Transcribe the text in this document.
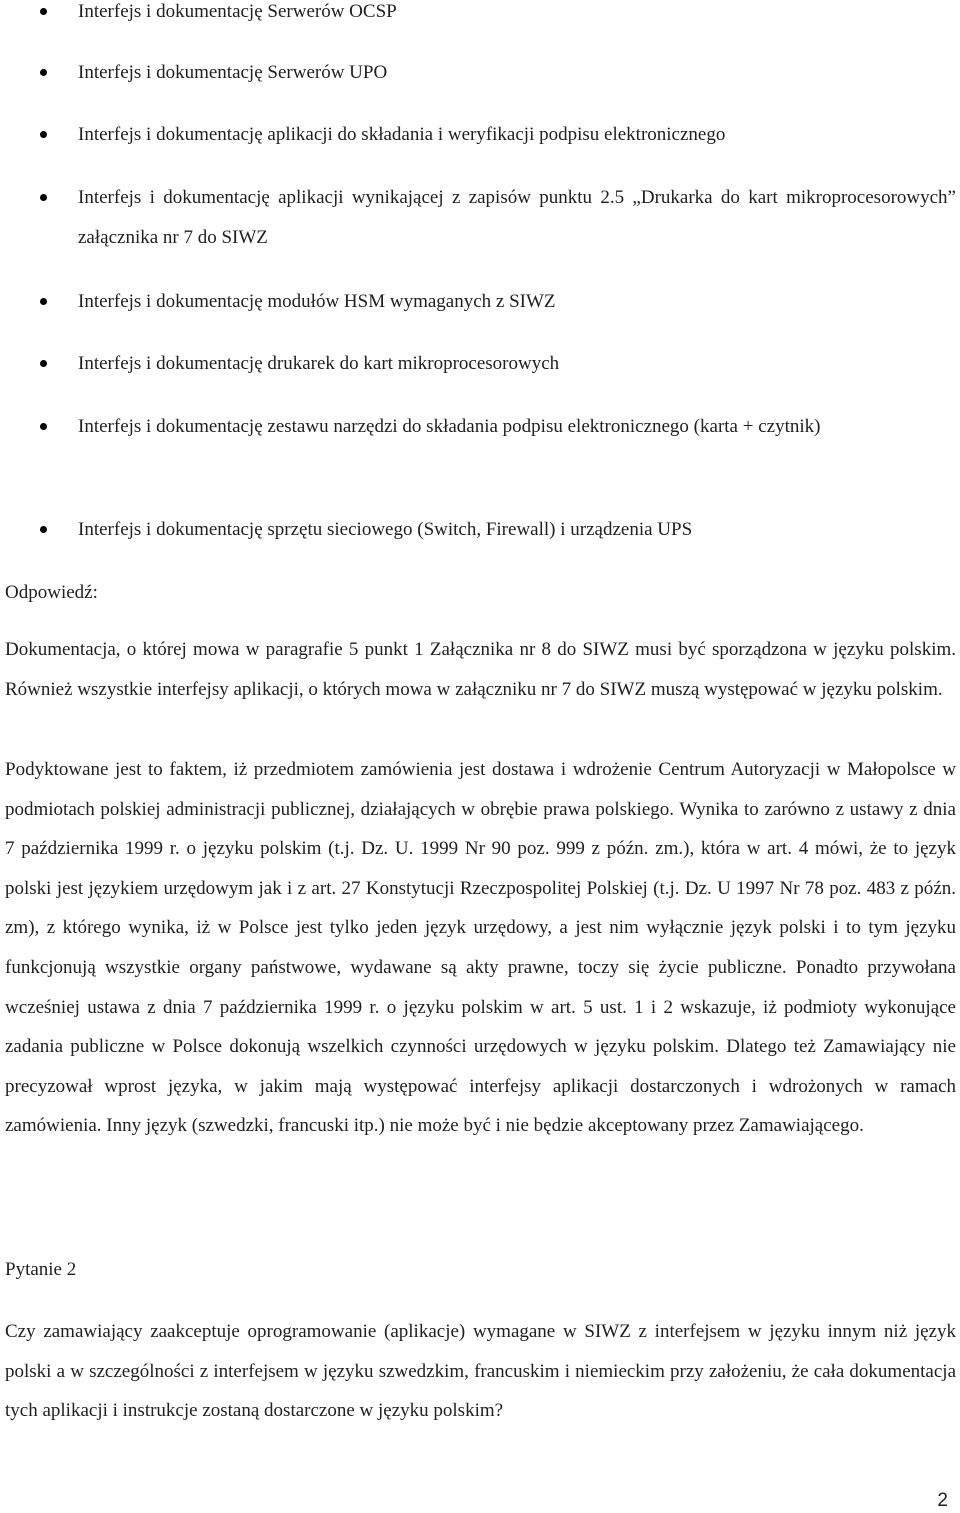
Interfejs i dokumentację Serwerów OCSP
Interfejs i dokumentację Serwerów UPO
Interfejs i dokumentację aplikacji do składania i weryfikacji podpisu elektronicznego
Interfejs i dokumentację aplikacji wynikającej z zapisów punktu 2.5 „Drukarka do kart mikroprocesorowych” załącznika nr 7 do SIWZ
Interfejs i dokumentację modułów HSM wymaganych z SIWZ
Interfejs i dokumentację drukarek do kart mikroprocesorowych
Interfejs i dokumentację zestawu narzędzi do składania podpisu elektronicznego (karta + czytnik)
Interfejs i dokumentację sprzętu sieciowego (Switch, Firewall) i urządzenia UPS
Odpowiedź:
Dokumentacja, o której mowa w paragrafie 5 punkt 1 Załącznika nr 8 do SIWZ musi być sporządzona w języku polskim. Również wszystkie interfejsy aplikacji, o których mowa w załączniku nr 7 do SIWZ muszą występować w języku polskim.
Podyktowane jest to faktem, iż przedmiotem zamówienia jest dostawa i wdrożenie Centrum Autoryzacji w Małopolsce w podmiotach polskiej administracji publicznej, działających w obrębie prawa polskiego. Wynika to zarówno z ustawy z dnia 7 października 1999 r. o języku polskim (t.j. Dz. U. 1999 Nr 90 poz. 999 z późn. zm.), która w art. 4 mówi, że to język polski jest językiem urzędowym jak i z art. 27 Konstytucji Rzeczpospolitej Polskiej (t.j. Dz. U 1997 Nr 78 poz. 483 z późn. zm), z którego wynika, iż w Polsce jest tylko jeden język urzędowy, a jest nim wyłącznie język polski i to tym języku funkcjonują wszystkie organy państwowe, wydawane są akty prawne, toczy się życie publiczne. Ponadto przywołana wcześniej ustawa z dnia 7 października 1999 r. o języku polskim w art. 5 ust. 1 i 2 wskazuje, iż podmioty wykonujące zadania publiczne w Polsce dokonują wszelkich czynności urzędowych w języku polskim. Dlatego też Zamawiający nie precyzował wprost języka, w jakim mają występować interfejsy aplikacji dostarczonych i wdrożonych w ramach zamówienia. Inny język (szwedzki, francuski itp.) nie może być i nie będzie akceptowany przez Zamawiającego.
Pytanie 2
Czy zamawiający zaakceptuje oprogramowanie (aplikacje) wymagane w SIWZ z interfejsem w języku innym niż język polski a w szczególności z interfejsem w języku szwedzkim, francuskim i niemieckim przy założeniu, że cała dokumentacja tych aplikacji i instrukcje zostaną dostarczone w języku polskim?
2
